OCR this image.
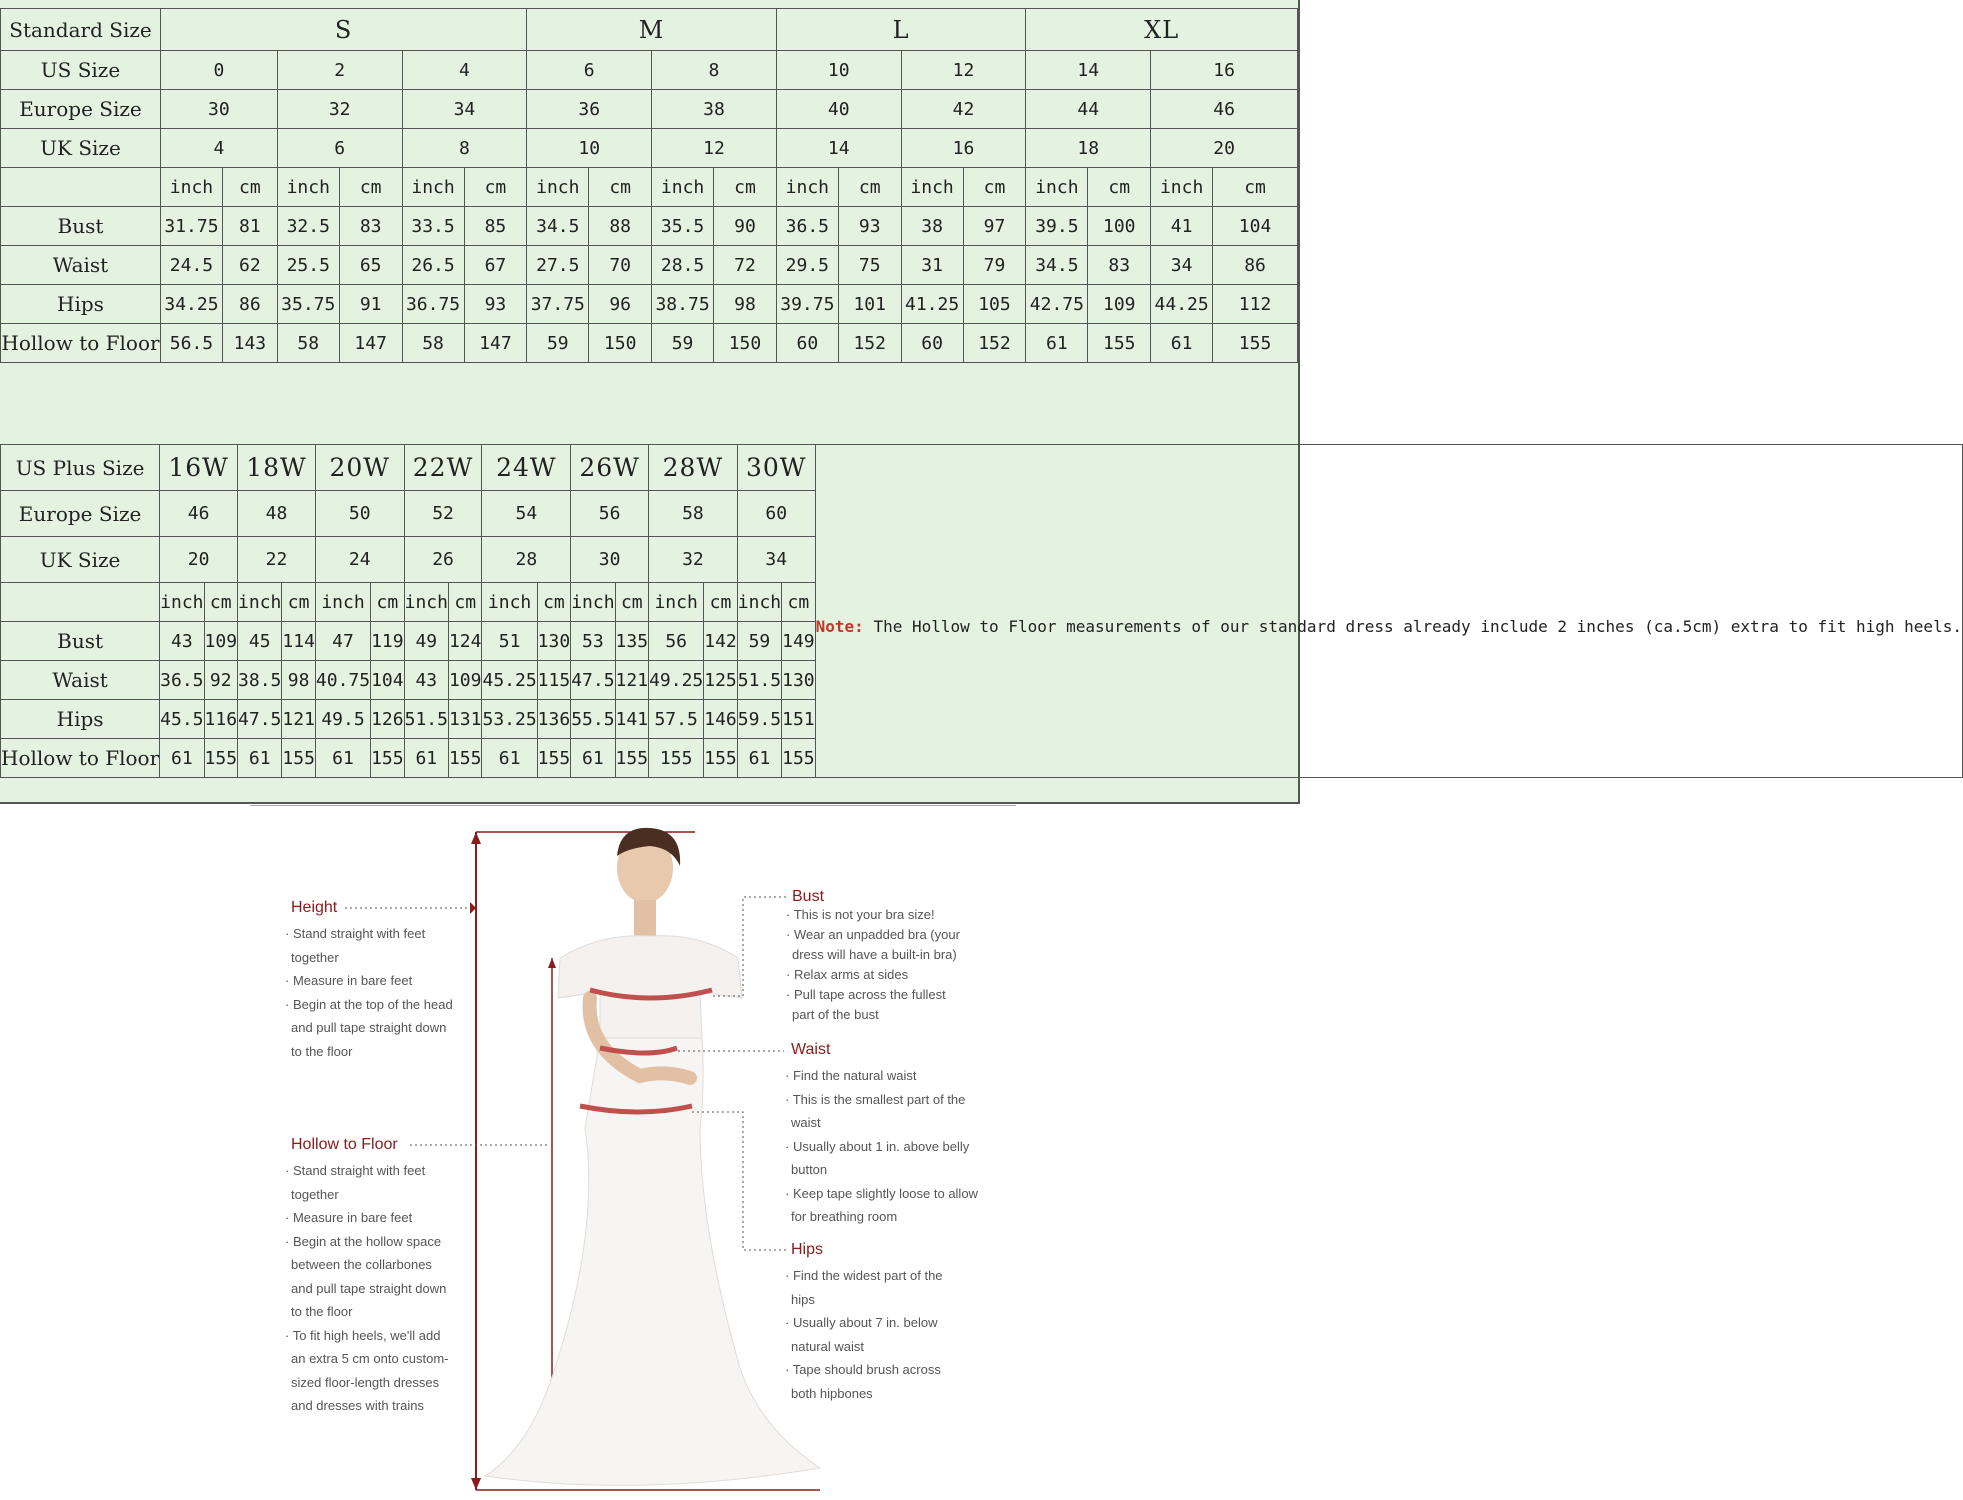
Standard Size	S						M				L				XL			
US Size	0		2		4		6		8		10		12		14		16	
Europe Size	30		32		34		36		38		40		42		44		46	
UK Size	4		6		8		10		12		14		16		18		20	
	inch	cm	inch	cm	inch	cm	inch	cm	inch	cm	inch	cm	inch	cm	inch	cm	inch	cm
Bust	31.75	81	32.5	83	33.5	85	34.5	88	35.5	90	36.5	93	38	97	39.5	100	41	104
Waist	24.5	62	25.5	65	26.5	67	27.5	70	28.5	72	29.5	75	31	79	34.5	83	34	86
Hips	34.25	86	35.75	91	36.75	93	37.75	96	38.75	98	39.75	101	41.25	105	42.75	109	44.25	112
Hollow to Floor	56.5	143	58	147	58	147	59	150	59	150	60	152	60	152	61	155	61	155
US Plus Size	16W		18W		20W		22W		24W		26W		28W		30W		Note: The Hollow to Floor measurements of our standard dress already include 2 inches (ca.5cm) extra to fit high heels.
Europe Size	46		48		50		52		54		56		58		60		
UK Size	20		22		24		26		28		30		32		34		
	inch	cm	inch	cm	inch	cm	inch	cm	inch	cm	inch	cm	inch	cm	inch	cm	
Bust	43	109	45	114	47	119	49	124	51	130	53	135	56	142	59	149	
Waist	36.5	92	38.5	98	40.75	104	43	109	45.25	115	47.5	121	49.25	125	51.5	130	
Hips	45.5	116	47.5	121	49.5	126	51.5	131	53.25	136	55.5	141	57.5	146	59.5	151	
Hollow to Floor	61	155	61	155	61	155	61	155	61	155	61	155	155	155	61	155	
Height
· Stand straight with feet
together
· Measure in bare feet
· Begin at the top of the head
and pull tape straight down
to the floor
Hollow to Floor
· Stand straight with feet
together
· Measure in bare feet
· Begin at the hollow space
between the collarbones
and pull tape straight down
to the floor
· To fit high heels, we'll add
an extra 5 cm onto custom-
sized floor-length dresses
and dresses with trains
Bust
· This is not your bra size!
· Wear an unpadded bra (your
dress will have a built-in bra)
· Relax arms at sides
· Pull tape across the fullest
part of the bust
Waist
· Find the natural waist
· This is the smallest part of the
waist
· Usually about 1 in. above belly
button
· Keep tape slightly loose to allow
for breathing room
Hips
· Find the widest part of the
hips
· Usually about 7 in. below
natural waist
· Tape should brush across
both hipbones
